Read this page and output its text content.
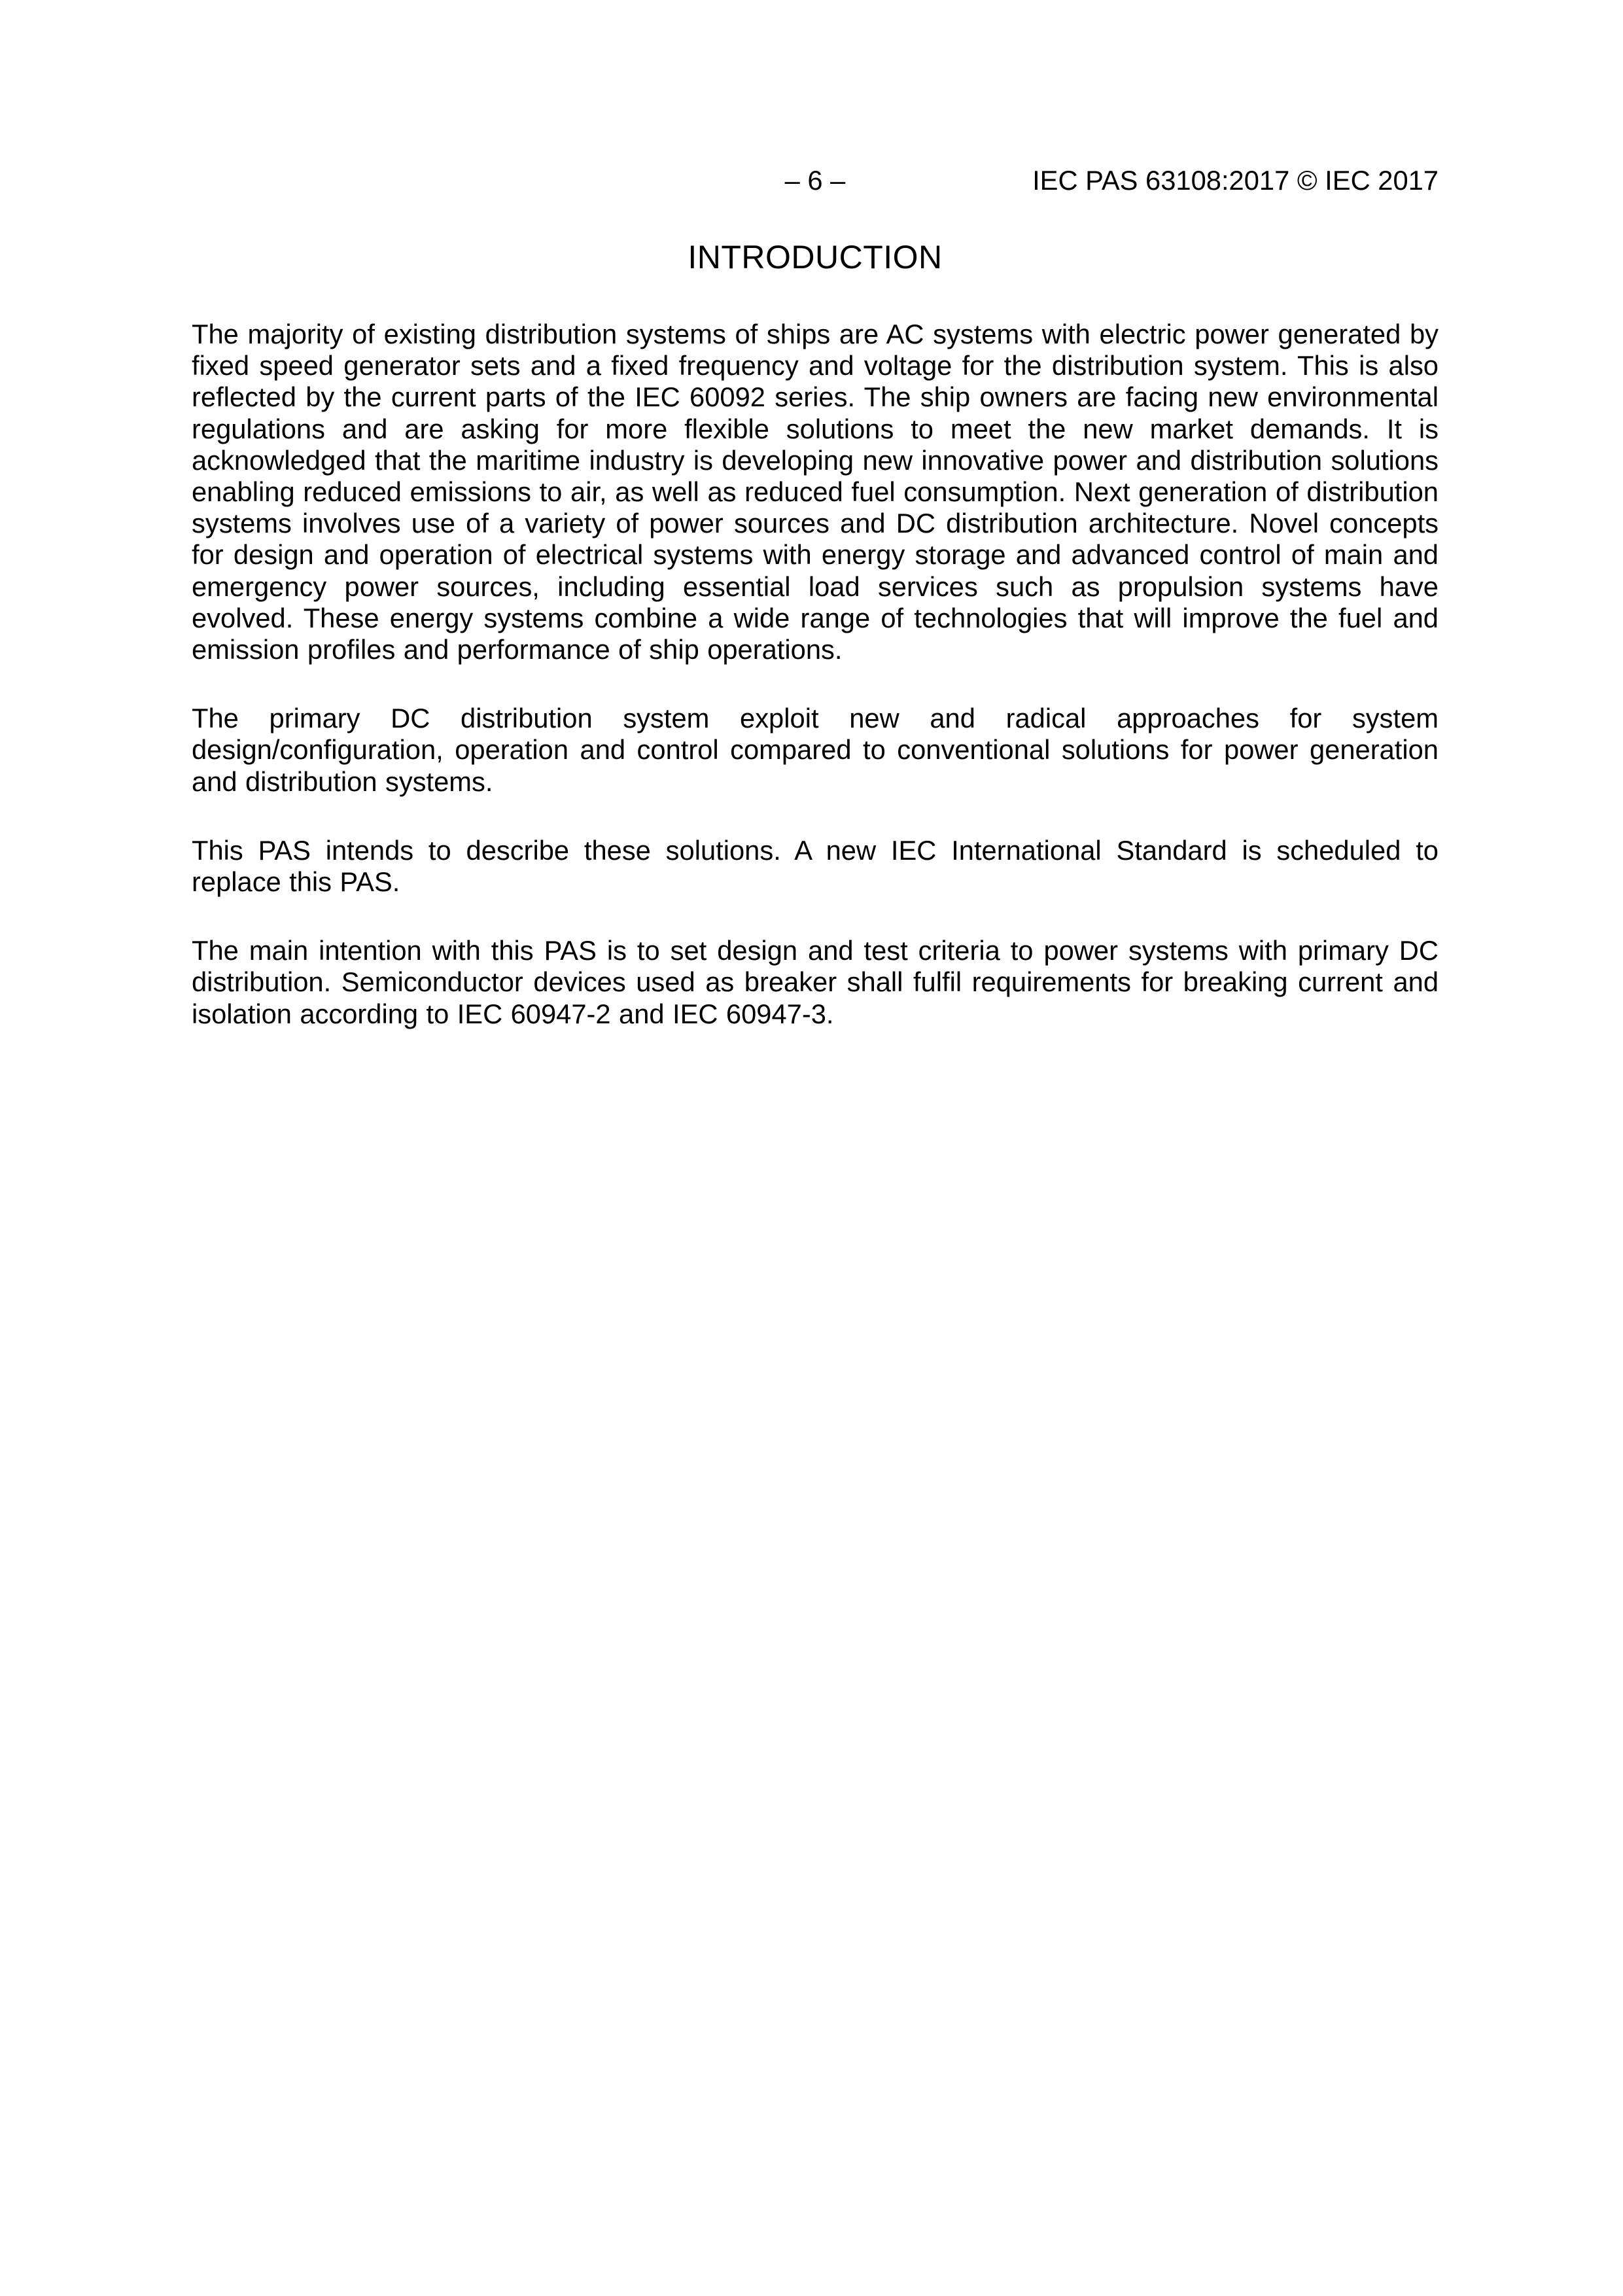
– 6 –	IEC PAS 63108:2017 © IEC 2017
INTRODUCTION

The majority of existing distribution systems of ships are AC systems with electric power generated by fixed speed generator sets and a fixed frequency and voltage for the distribution system. This is also reflected by the current parts of the IEC 60092 series. The ship owners are facing new environmental regulations and are asking for more flexible solutions to meet the new market demands. It is acknowledged that the maritime industry is developing new innovative power and distribution solutions enabling reduced emissions to air, as well as reduced fuel consumption. Next generation of distribution systems involves use of a variety of power sources and DC distribution architecture. Novel concepts for design and operation of electrical systems with energy storage and advanced control of main and emergency power sources, including essential load services such as propulsion systems have evolved. These energy systems combine a wide range of technologies that will improve the fuel and emission profiles and performance of ship operations.

The primary DC distribution system exploit new and radical approaches for system design/configuration, operation and control compared to conventional solutions for power generation and distribution systems.

This PAS intends to describe these solutions. A new IEC International Standard is scheduled to replace this PAS.

The main intention with this PAS is to set design and test criteria to power systems with primary DC distribution. Semiconductor devices used as breaker shall fulfil requirements for breaking current and isolation according to IEC 60947-2 and IEC 60947-3.
